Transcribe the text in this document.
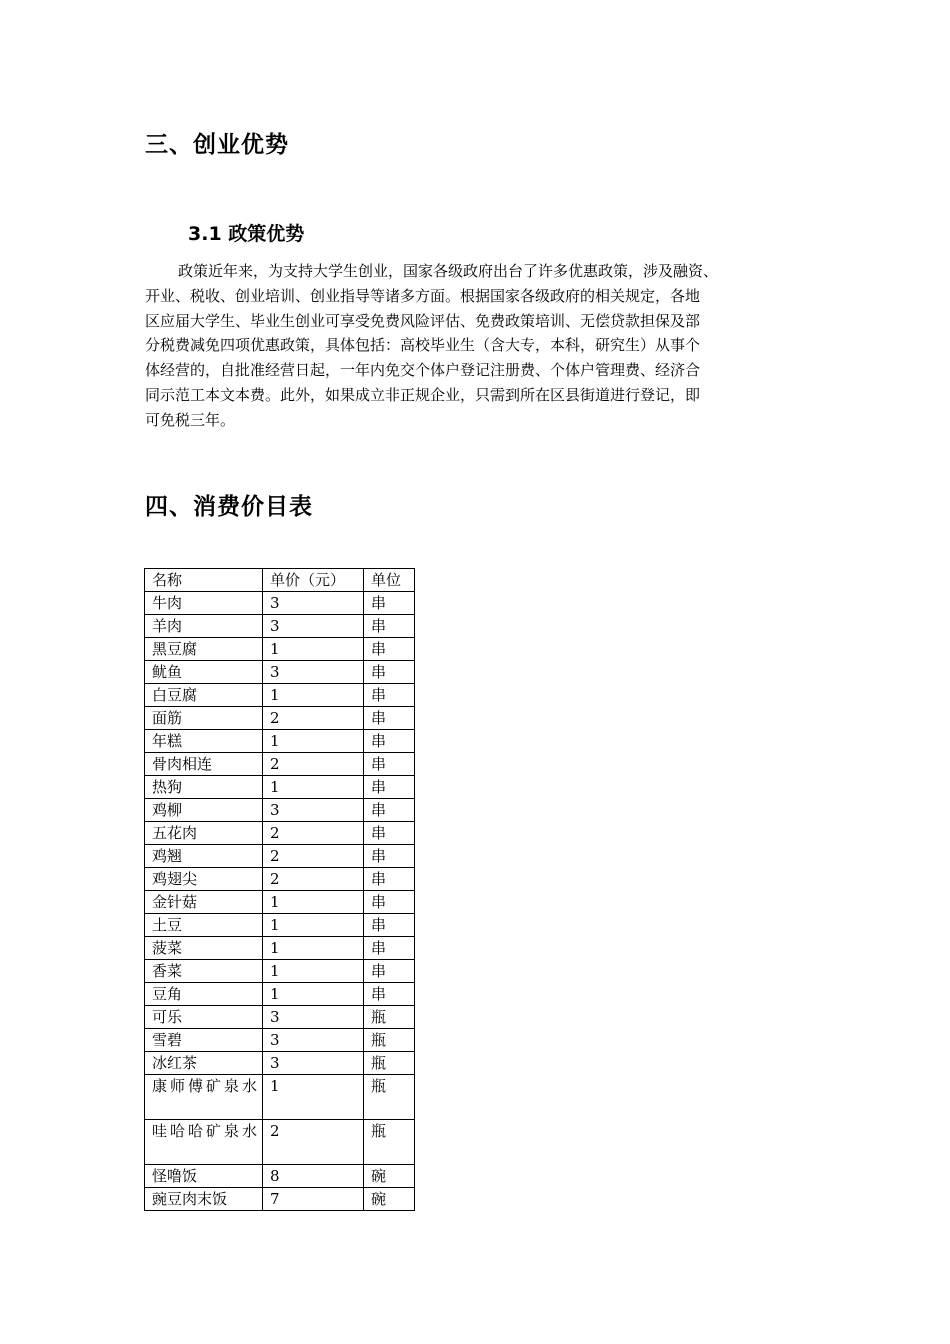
三、创业优势
3.1 政策优势
政策近年来，为支持大学生创业，国家各级政府出台了许多优惠政策，涉及融资、
开业、税收、创业培训、创业指导等诸多方面。根据国家各级政府的相关规定，各地
区应届大学生、毕业生创业可享受免费风险评估、免费政策培训、无偿贷款担保及部
分税费减免四项优惠政策，具体包括：高校毕业生（含大专，本科，研究生）从事个
体经营的，自批准经营日起，一年内免交个体户登记注册费、个体户管理费、经济合
同示范工本文本费。此外，如果成立非正规企业，只需到所在区县街道进行登记，即
可免税三年。
四、消费价目表
名称	单价（元）	单位
牛肉	3	串
羊肉	3	串
黑豆腐	1	串
鱿鱼	3	串
白豆腐	1	串
面筋	2	串
年糕	1	串
骨肉相连	2	串
热狗	1	串
鸡柳	3	串
五花肉	2	串
鸡翘	2	串
鸡翅尖	2	串
金针菇	1	串
土豆	1	串
菠菜	1	串
香菜	1	串
豆角	1	串
可乐	3	瓶
雪碧	3	瓶
冰红茶	3	瓶
康师傅矿泉水	1	瓶
哇哈哈矿泉水	2	瓶
怪噜饭	8	碗
豌豆肉末饭	7	碗
